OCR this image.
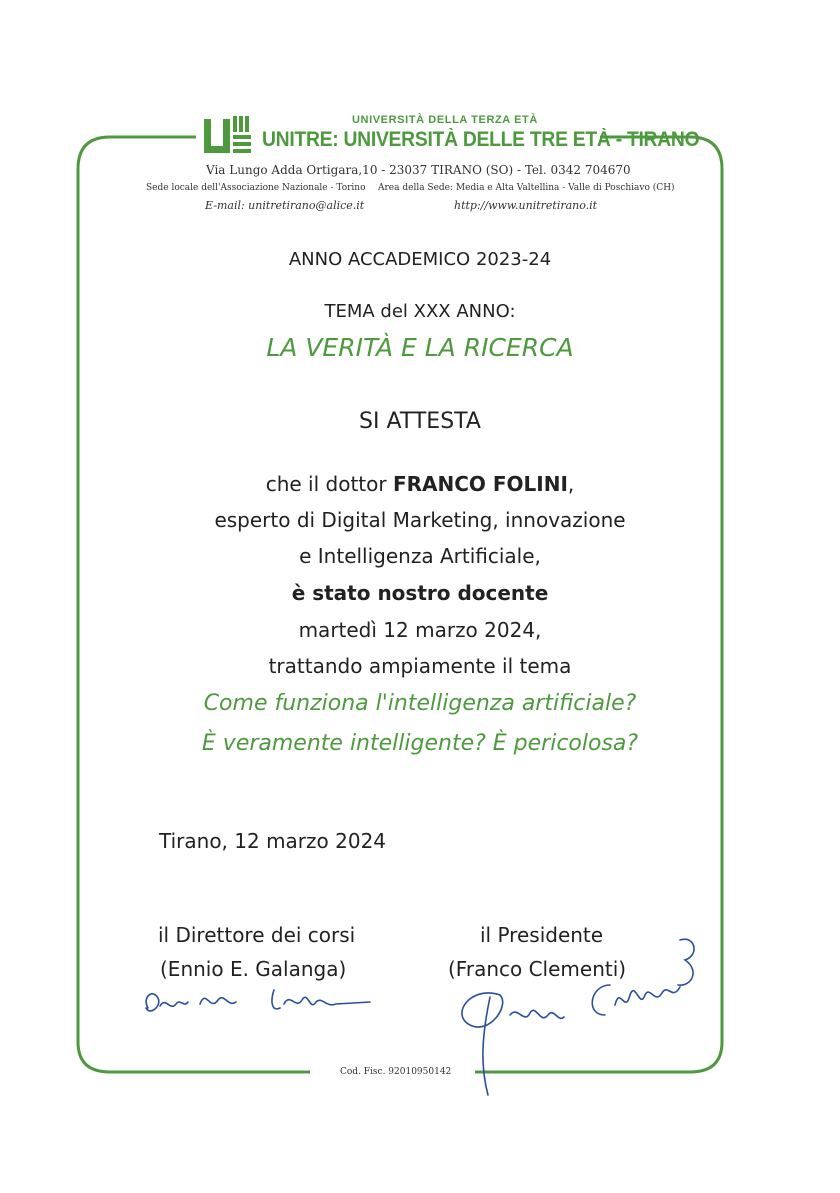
UNIVERSITÀ DELLA TERZA ETÀ
UNITRE: UNIVERSITÀ DELLE TRE ETÀ - TIRANO
Via Lungo Adda Ortigara,10 - 23037 TIRANO (SO) - Tel. 0342 704670
Sede locale dell'Associazione Nazionale - Torino Area della Sede: Media e Alta Valtellina - Valle di Poschiavo (CH)
E-mail: unitretirano@alice.it	http://www.unitretirano.it
ANNO ACCADEMICO 2023-24
TEMA del XXX ANNO:
LA VERITÀ E LA RICERCA
SI ATTESTA
che il dottor FRANCO FOLINI,
esperto di Digital Marketing, innovazione
e Intelligenza Artificiale,
è stato nostro docente
martedì 12 marzo 2024,
trattando ampiamente il tema
Come funziona l'intelligenza artificiale?
È veramente intelligente? È pericolosa?
Tirano, 12 marzo 2024
il Direttore dei corsi
(Ennio E. Galanga)
il Presidente
(Franco Clementi)
Cod. Fisc. 92010950142
